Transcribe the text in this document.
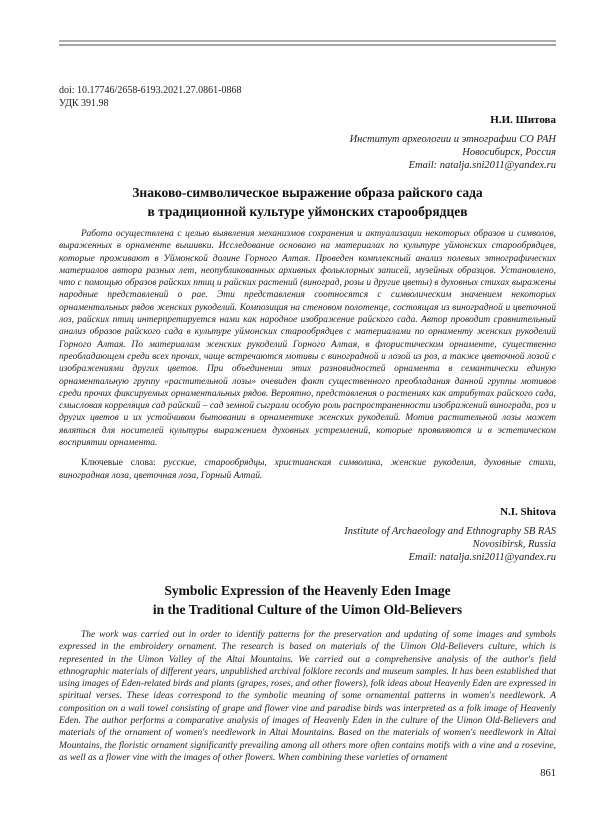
doi: 10.17746/2658-6193.2021.27.0861-0868
УДК 391.98
Н.И. Шитова
Институт археологии и этнографии СО РАН
Новосибирск, Россия
Email: natalja.sni2011@yandex.ru
Знаково-символическое выражение образа райского сада
в традиционной культуре уймонских старообрядцев
Работа осуществлена с целью выявления механизмов сохранения и актуализации некоторых образов и символов, выраженных в орнаменте вышивки. Исследование основано на материалах по культуре уймонских старообрядцев, которые проживают в Уймонской долине Горного Алтая. Проведен комплексный анализ полевых этнографических материалов автора разных лет, неопубликованных архивных фольклорных записей, музейных образцов. Установлено, что с помощью образов райских птиц и райских растений (виноград, розы и другие цветы) в духовных стихах выражены народные представлений о рае. Эти представления соотносятся с символическим значением некоторых орнаментальных рядов женских рукоделий. Композиция на стеновом полотенце, состоящая из виноградной и цветочной лоз, райских птиц интерпретируется нами как народное изображение райского сада. Автор проводит сравнительный анализ образов райского сада в культуре уймонских старообрядцев с материалами по орнаменту женских рукоделий Горного Алтая. По материалам женских рукоделий Горного Алтая, в флористическом орнаменте, существенно преобладающем среди всех прочих, чаще встречаются мотивы с виноградной и лозой из роз, а также цветочной лозой с изображениями других цветов. При объединении этих разновидностей орнамента в семантически единую орнаментальную группу «растительной лозы» очевиден факт существенного преобладания данной группы мотивов среди прочих фиксируемых орнаментальных рядов. Вероятно, представления о растениях как атрибутах райского сада, смысловая корреляция сад райский – сад земной сыграли особую роль распространенности изображений винограда, роз и других цветов и их устойчивом бытовании в орнаментике женских рукоделий. Мотив растительной лозы может являться для носителей культуры выражением духовных устремлений, которые проявляются и в эстетическом восприятии орнамента.
Ключевые слова: русские, старообрядцы, христианская символика, женские рукоделия, духовные стихи, виноградная лоза, цветочная лоза, Горный Алтай.
N.I. Shitova
Institute of Archaeology and Ethnography SB RAS
Novosibirsk, Russia
Email: natalja.sni2011@yandex.ru
Symbolic Expression of the Heavenly Eden Image
in the Traditional Culture of the Uimon Old-Believers
The work was carried out in order to identify patterns for the preservation and updating of some images and symbols expressed in the embroidery ornament. The research is based on materials of the Uimon Old-Believers culture, which is represented in the Uimon Valley of the Altai Mountains. We carried out a comprehensive analysis of the author's field ethnographic materials of different years, unpublished archival folklore records and museum samples. It has been established that using images of Eden-related birds and plants (grapes, roses, and other flowers), folk ideas about Heavenly Eden are expressed in spiritual verses. These ideas correspond to the symbolic meaning of some ornamental patterns in women's needlework. A composition on a wall towel consisting of grape and flower vine and paradise birds was interpreted as a folk image of Heavenly Eden. The author performs a comparative analysis of images of Heavenly Eden in the culture of the Uimon Old-Believers and materials of the ornament of women's needlework in Altai Mountains. Based on the materials of women's needlework in Altai Mountains, the floristic ornament significantly prevailing among all others more often contains motifs with a vine and a rosevine, as well as a flower vine with the images of other flowers. When combining these varieties of ornament
861
